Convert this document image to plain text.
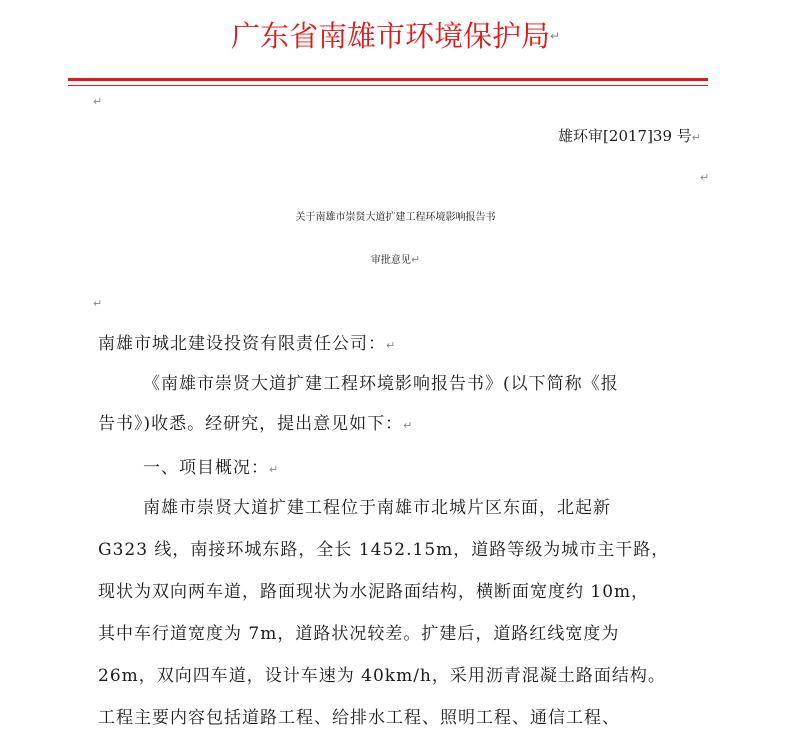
广东省南雄市环境保护局↵
↵
雄环审[2017]39 号↵
↵
关于南雄市崇贤大道扩建工程环境影响报告书
审批意见↵
↵
南雄市城北建设投资有限责任公司：↵
《南雄市崇贤大道扩建工程环境影响报告书》(以下简称《报
告书》)收悉。经研究，提出意见如下：↵
一、项目概况：↵
南雄市崇贤大道扩建工程位于南雄市北城片区东面，北起新
G323 线，南接环城东路，全长 1452.15m，道路等级为城市主干路，
现状为双向两车道，路面现状为水泥路面结构，横断面宽度约 10m，
其中车行道宽度为 7m，道路状况较差。扩建后，道路红线宽度为
26m，双向四车道，设计车速为 40km/h，采用沥青混凝土路面结构。
工程主要内容包括道路工程、给排水工程、照明工程、通信工程、
